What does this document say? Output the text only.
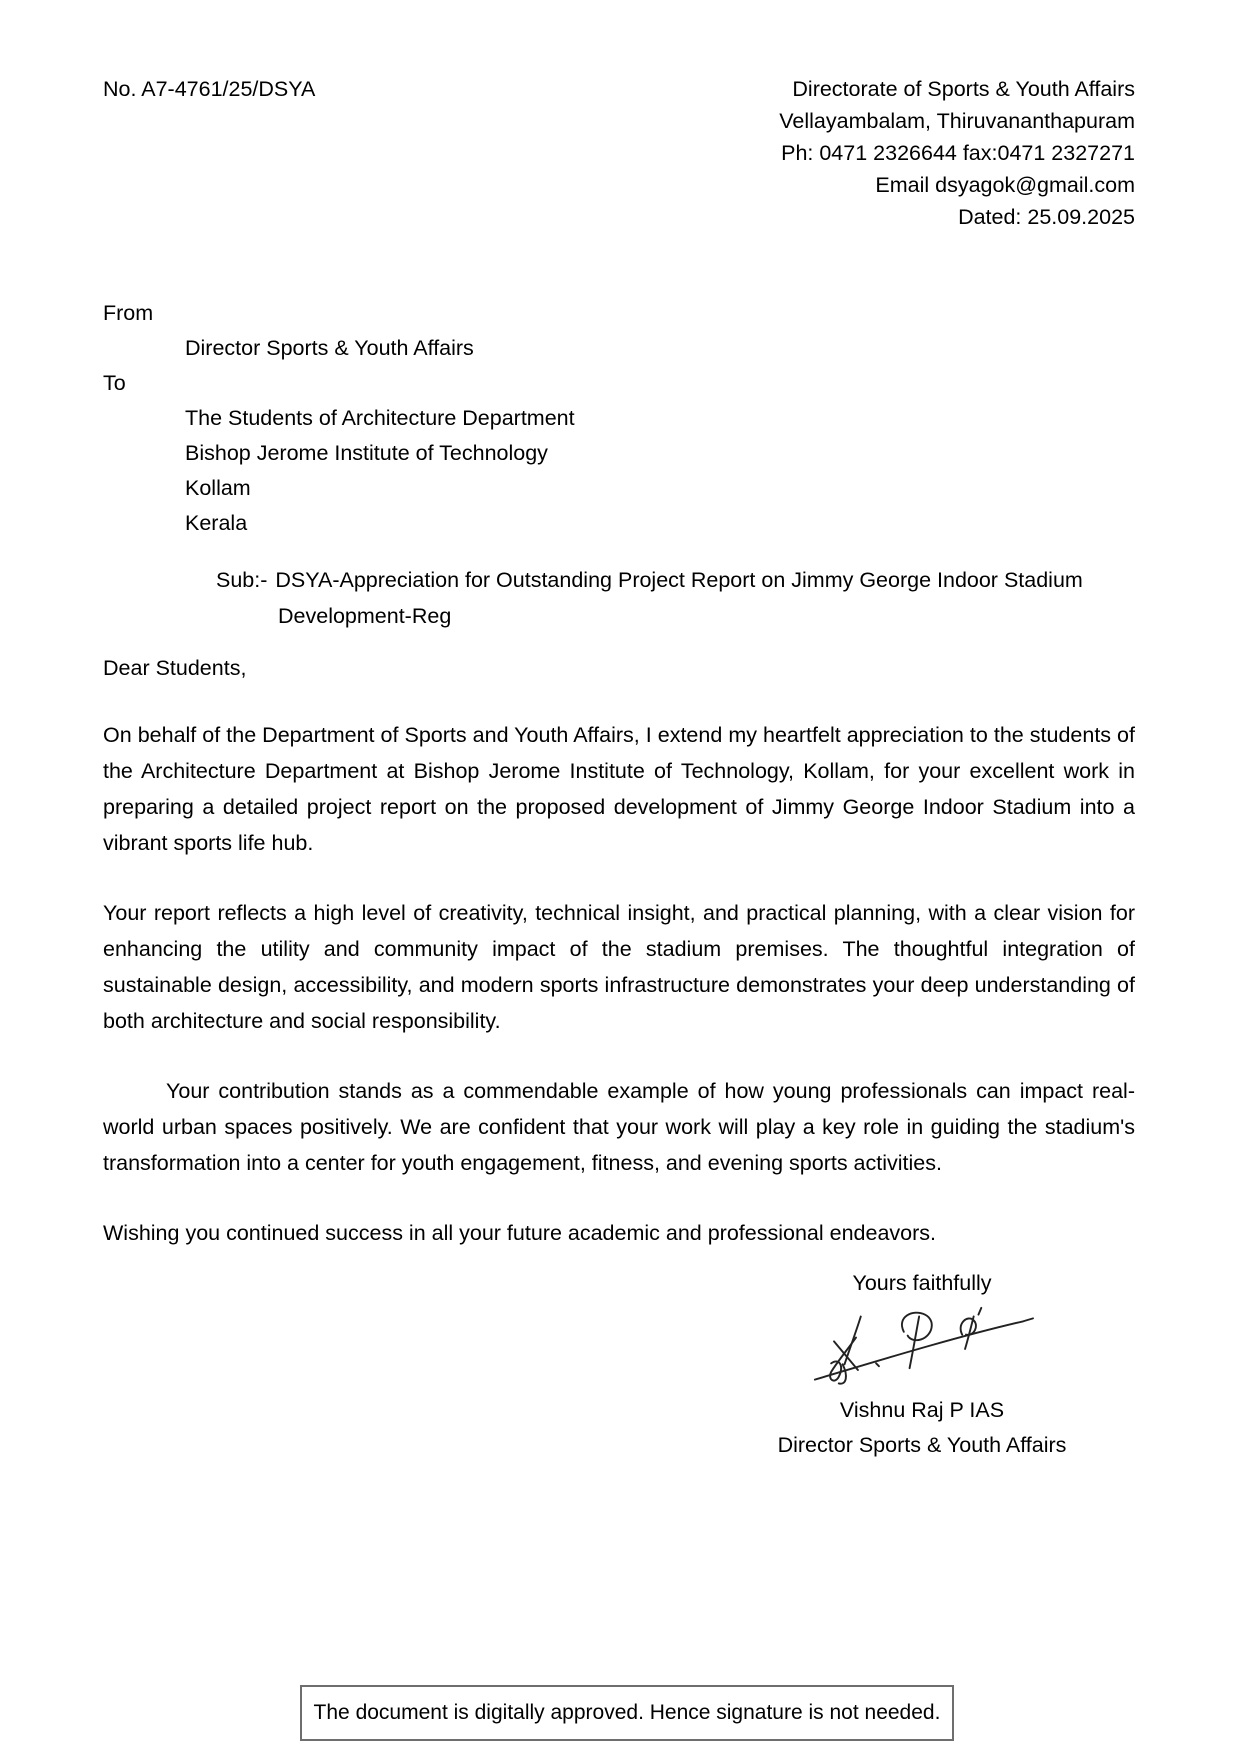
No. A7-4761/25/DSYA	Directorate of Sports & Youth Affairs
Vellayambalam, Thiruvananthapuram
Ph: 0471 2326644 fax:0471 2327271
Email dsyagok@gmail.com
Dated: 25.09.2025
From
Director Sports & Youth Affairs
To
The Students of Architecture Department
Bishop Jerome Institute of Technology
Kollam
Kerala
Sub:- DSYA-Appreciation for Outstanding Project Report on Jimmy George Indoor Stadium
Development-Reg
Dear Students,

On behalf of the Department of Sports and Youth Affairs, I extend my heartfelt appreciation to the students of the Architecture Department at Bishop Jerome Institute of Technology, Kollam, for your excellent work in preparing a detailed project report on the proposed development of Jimmy George Indoor Stadium into a vibrant sports life hub.

Your report reflects a high level of creativity, technical insight, and practical planning, with a clear vision for enhancing the utility and community impact of the stadium premises. The thoughtful integration of sustainable design, accessibility, and modern sports infrastructure demonstrates your deep understanding of both architecture and social responsibility.

Your contribution stands as a commendable example of how young professionals can impact real-world urban spaces positively. We are confident that your work will play a key role in guiding the stadium's transformation into a center for youth engagement, fitness, and evening sports activities.

Wishing you continued success in all your future academic and professional endeavors.

Yours faithfully
Vishnu Raj P IAS
Director Sports & Youth Affairs
The document is digitally approved. Hence signature is not needed.
